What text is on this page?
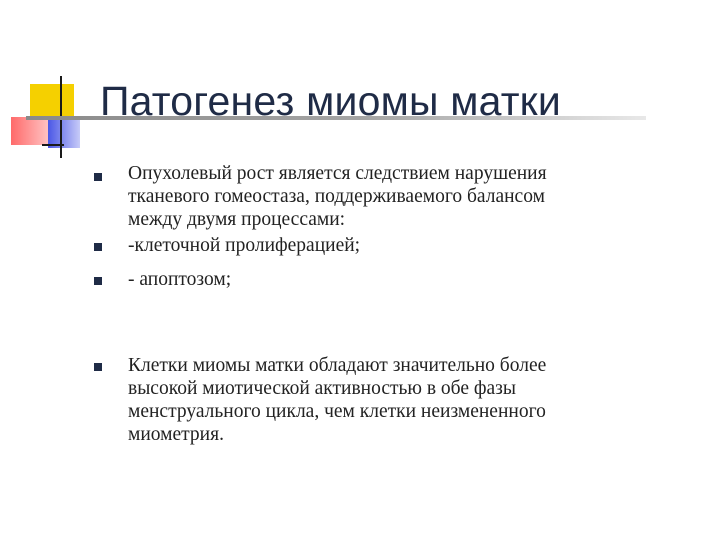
Патогенез миомы матки
Опухолевый рост является следствием нарушения
тканевого гомеостаза, поддерживаемого балансом
между двумя процессами:
-клеточной пролиферацией;
- апоптозом;
Клетки миомы матки обладают значительно более
высокой миотической активностью в обе фазы
менструального цикла, чем клетки неизмененного
миометрия.
